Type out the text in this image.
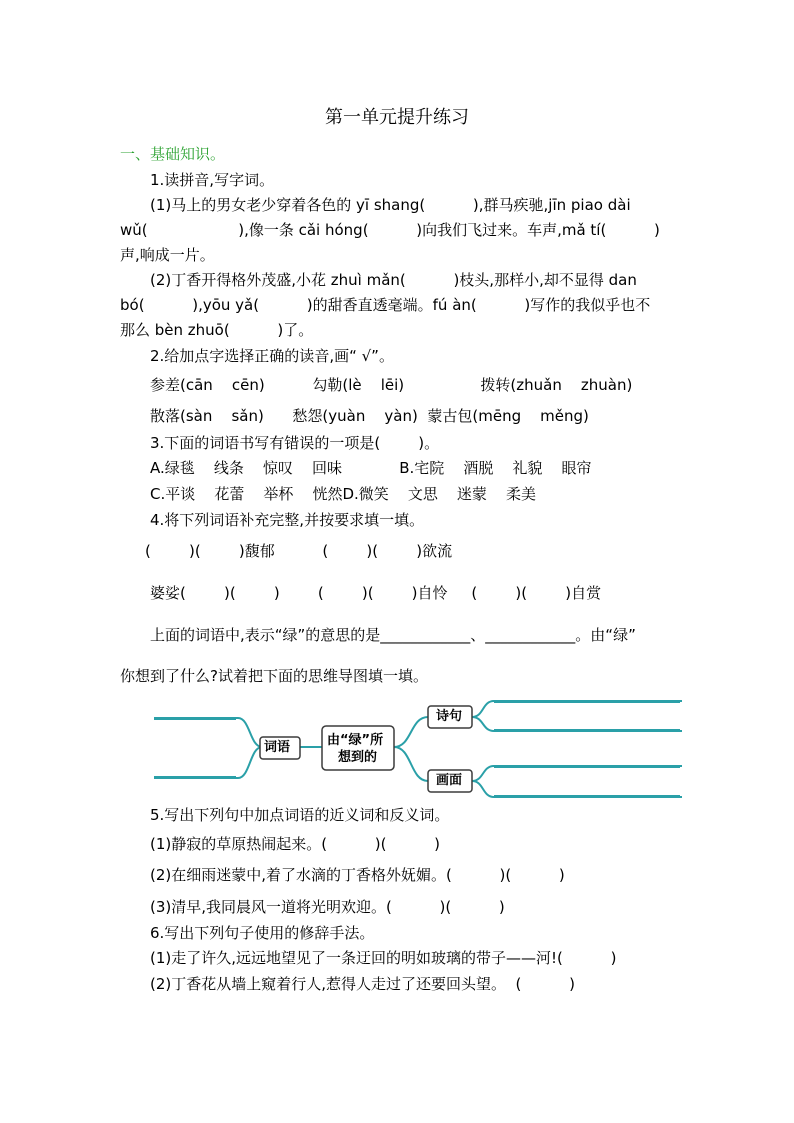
第一单元提升练习
一、基础知识。
1.读拼音,写字词。
(1)马上的男女老少穿着各色的 yī shang(          ),群马疾驰,jīn piao dài
wǔ(                   ),像一条 cǎi hóng(          )向我们飞过来。车声,mǎ tí(          )
声,响成一片。
(2)丁香开得格外茂盛,小花 zhuì mǎn(          )枝头,那样小,却不显得 dan
bó(          ),yōu yǎ(          )的甜香直透毫端。fú àn(          )写作的我似乎也不
那么 bèn zhuō(          )了。
2.给加点字选择正确的读音,画“ √”。
参差(cān    cēn)          勾勒(lè    lēi)                拨转(zhuǎn    zhuàn)
散落(sàn    sǎn)      愁怨(yuàn    yàn)  蒙古包(mēng    měng)
3.下面的词语书写有错误的一项是(        )。
A.绿毯    线条    惊叹    回味            B.宅院    酒脱    礼貌    眼帘
C.平谈    花蕾    举杯    恍然D.微笑    文思    迷蒙    柔美
4.将下列词语补充完整,并按要求填一填。
(        )(        )馥郁          (        )(        )欲流
婆娑(        )(        )        (        )(        )自怜     (        )(        )自赏
上面的词语中,表示“绿”的意思的是____________、____________。由“绿”
你想到了什么?试着把下面的思维导图填一填。
词语	由“绿”所
想到的
诗句
画面
5.写出下列句中加点词语的近义词和反义词。
(1)静寂的草原热闹起来。(          )(          )
(2)在细雨迷蒙中,着了水滴的丁香格外妩媚。(          )(          )
(3)清早,我同晨风一道将光明欢迎。(          )(          )
6.写出下列句子使用的修辞手法。
(1)走了许久,远远地望见了一条迂回的明如玻璃的带子——河!(          )
(2)丁香花从墙上窥着行人,惹得人走过了还要回头望。  (          )
